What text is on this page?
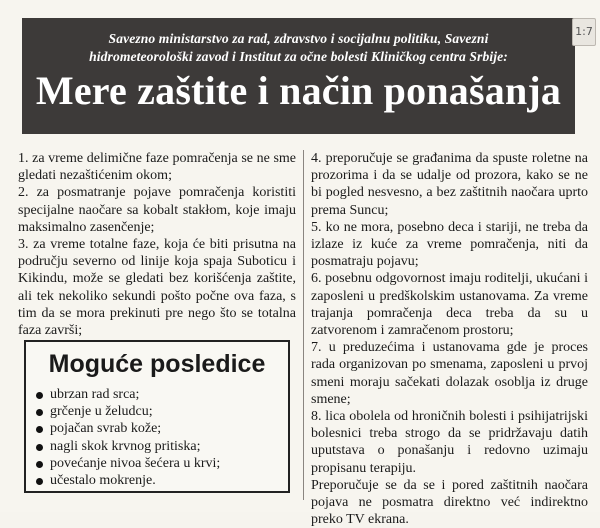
Savezno ministarstvo za rad, zdravstvo i socijalnu politiku, Savezni
hidrometeorološki zavod i Institut za očne bolesti Kliničkog centra Srbije:
Mere zaštite i način ponašanja
1:7

1. za vreme delimične faze pomračenja se ne sme gledati nezaštićenim okom;

2. za posmatranje pojave pomračenja koristiti specijalne naočare sa kobalt stakłom, koje imaju maksimalno zasenčenje;

3. za vreme totalne faze, koja će biti prisutna na području severno od linije koja spaja Suboticu i Kikindu, može se gledati bez korišćenja zaštite, ali tek nekoliko sekundi pošto počne ova faza, s tim da se mora prekinuti pre nego što se totalna faza završi;

4. preporučuje se građanima da spuste roletne na prozorima i da se udalje od prozora, kako se ne bi pogled nesvesno, a bez zaštitnih naočara uprto prema Suncu;

5. ko ne mora, posebno deca i stariji, ne treba da izlaze iz kuće za vreme pomračenja, niti da posmatraju pojavu;

6. posebnu odgovornost imaju roditelji, ukućani i zaposleni u predškolskim ustanovama. Za vreme trajanja pomračenja deca treba da su u zatvorenom i zamračenom prostoru;

7. u preduzećima i ustanovama gde je proces rada organizovan po smenama, zaposleni u prvoj smeni moraju sačekati dolazak osoblja iz druge smene;

8. lica obolela od hroničnih bolesti i psihijatrijski bolesnici treba strogo da se pridržavaju datih uputstava o ponašanju i redovno uzimaju propisanu terapiju.

Preporučuje se da se i pored zaštitnih naočara pojava ne posmatra direktno već indirektno preko TV ekrana.

Moguće posledice
ubrzan rad srca;
grčenje u želudcu;
pojačan svrab kože;
nagli skok krvnog pritiska;
povećanje nivoa šećera u krvi;
učestalo mokrenje.
